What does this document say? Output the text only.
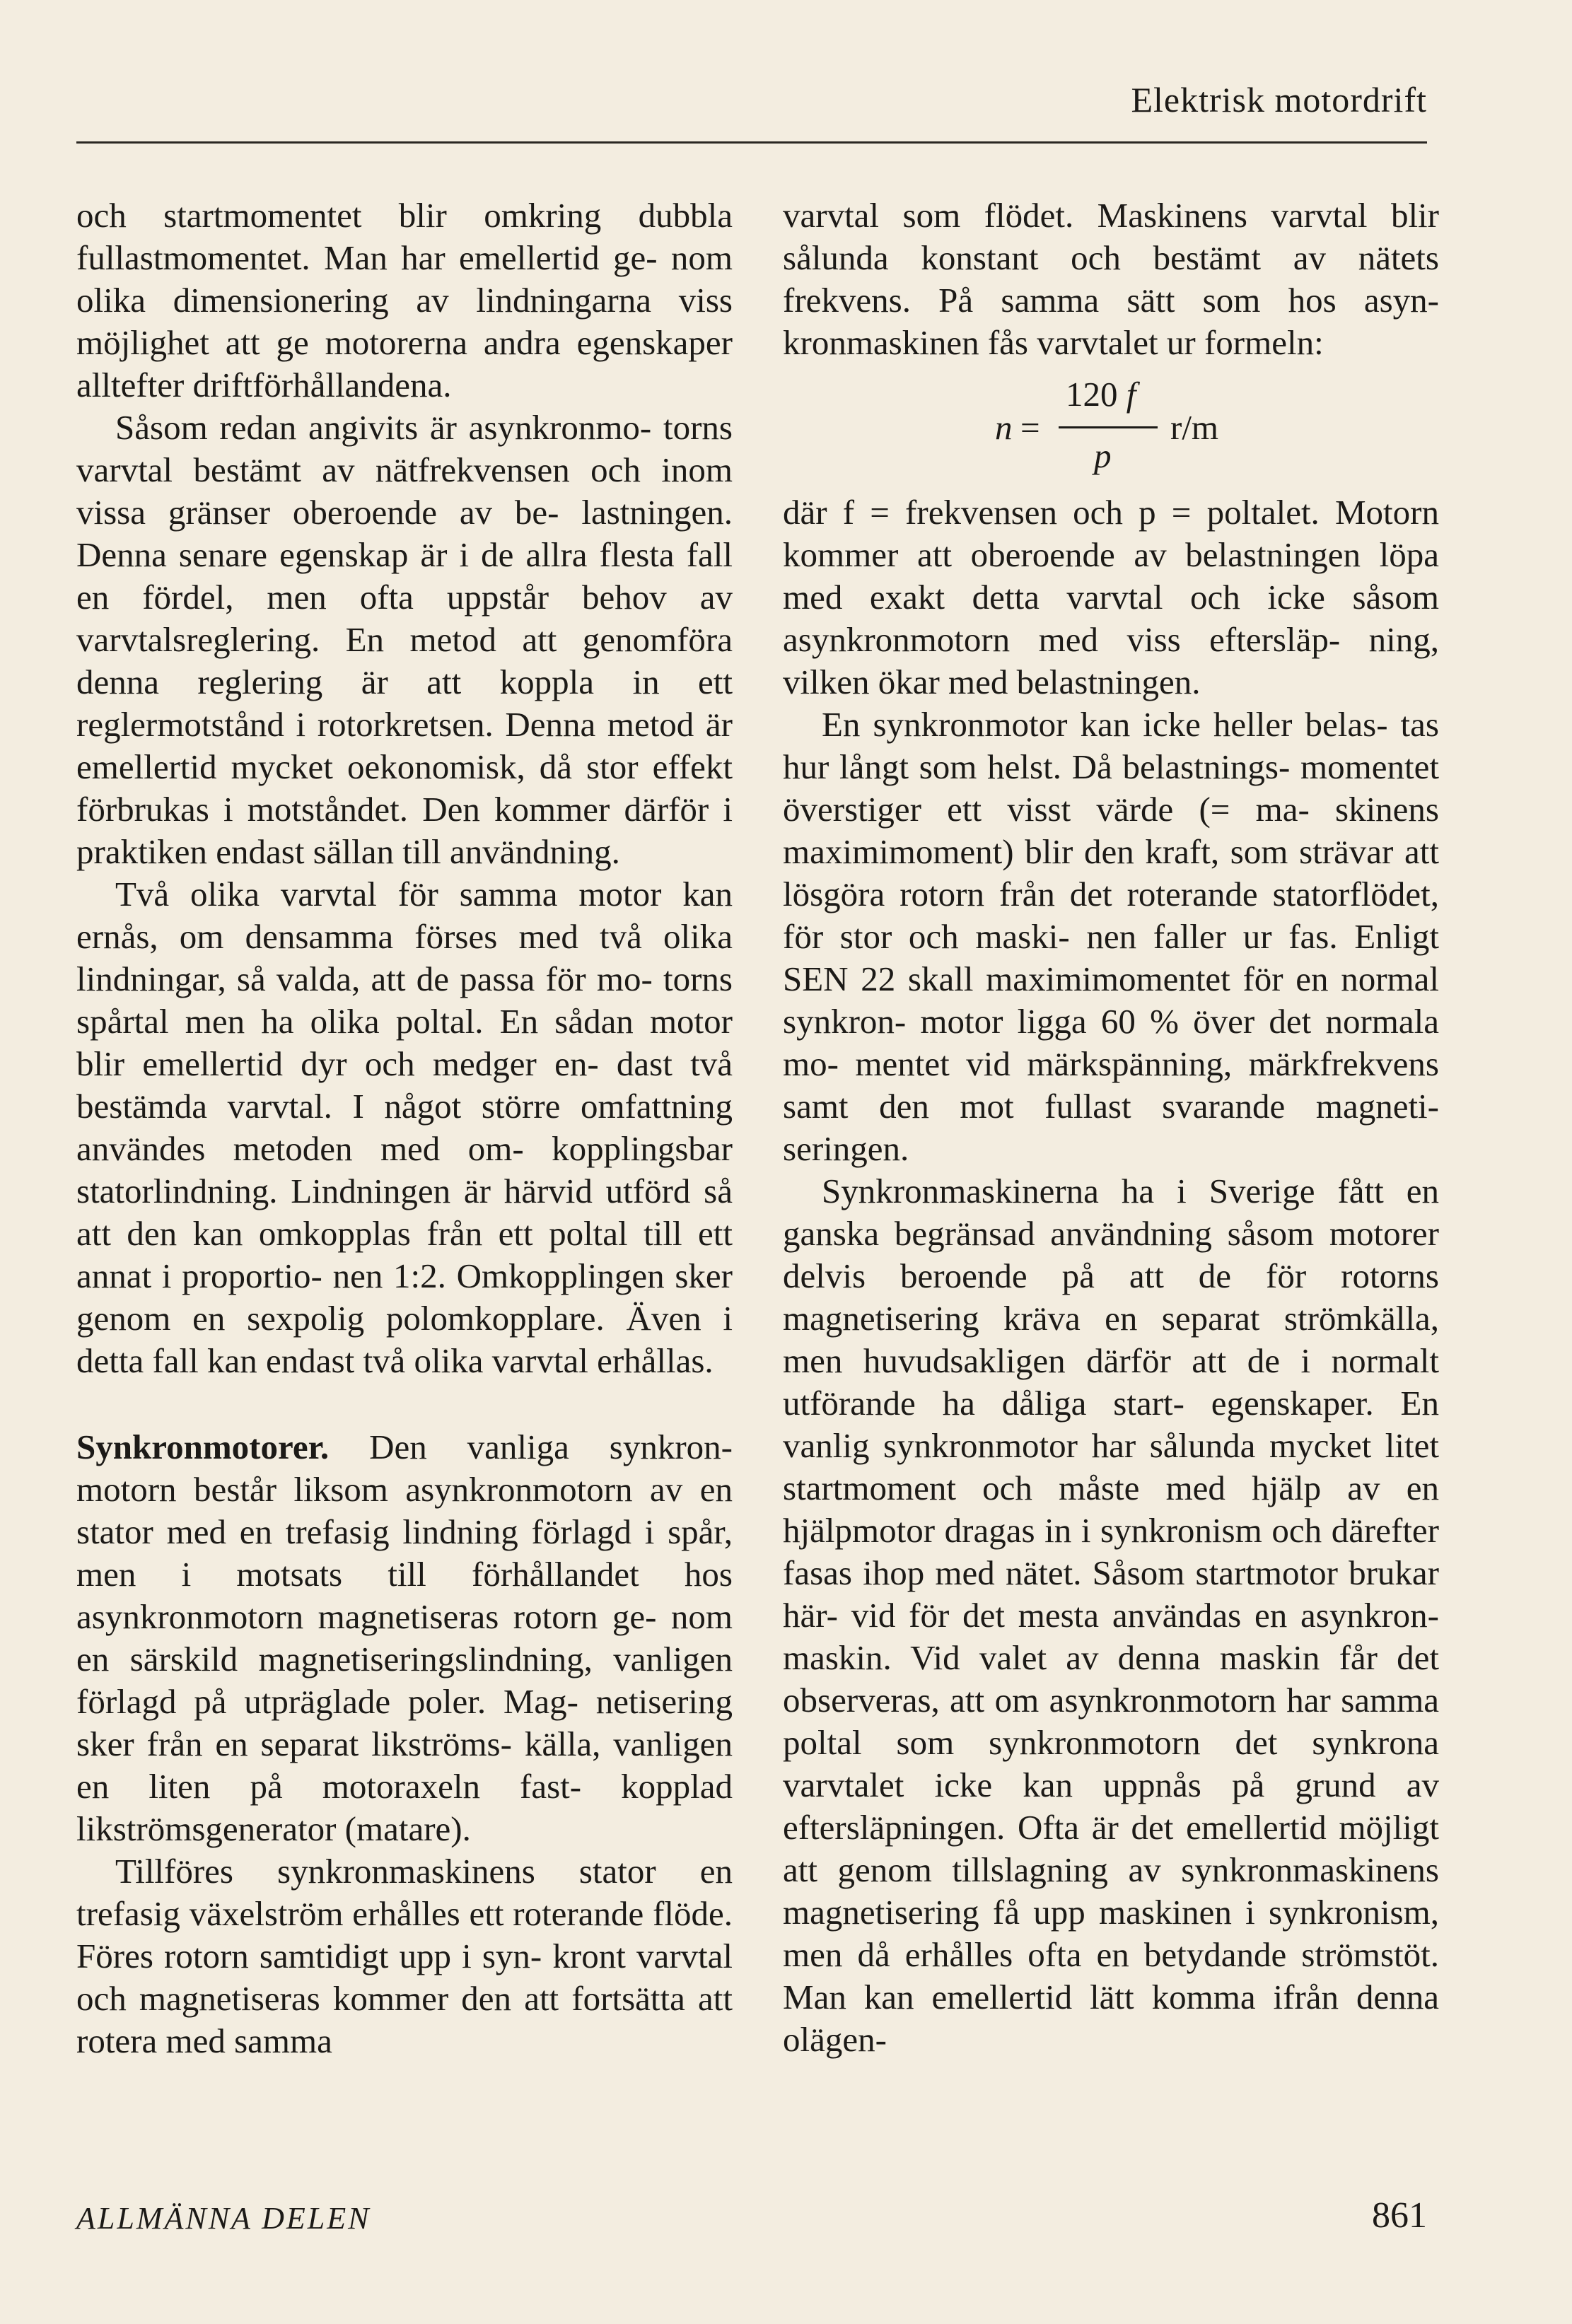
Elektrisk motordrift

och startmomentet blir omkring dubbla fullastmomentet. Man har emellertid ge- nom olika dimensionering av lindningarna viss möjlighet att ge motorerna andra egenskaper alltefter driftförhållandena.

Såsom redan angivits är asynkronmo- torns varvtal bestämt av nätfrekvensen och inom vissa gränser oberoende av be- lastningen. Denna senare egenskap är i de allra flesta fall en fördel, men ofta uppstår behov av varvtalsreglering. En metod att genomföra denna reglering är att koppla in ett reglermotstånd i rotorkretsen. Denna metod är emellertid mycket oekonomisk, då stor effekt förbrukas i motståndet. Den kommer därför i praktiken endast sällan till användning.

Två olika varvtal för samma motor kan ernås, om densamma förses med två olika lindningar, så valda, att de passa för mo- torns spårtal men ha olika poltal. En sådan motor blir emellertid dyr och medger en- dast två bestämda varvtal. I något större omfattning användes metoden med om- kopplingsbar statorlindning. Lindningen är härvid utförd så att den kan omkopplas från ett poltal till ett annat i proportio- nen 1:2. Omkopplingen sker genom en sexpolig polomkopplare. Även i detta fall kan endast två olika varvtal erhållas.

Synkronmotorer. Den vanliga synkron- motorn består liksom asynkronmotorn av en stator med en trefasig lindning förlagd i spår, men i motsats till förhållandet hos asynkronmotorn magnetiseras rotorn ge- nom en särskild magnetiseringslindning, vanligen förlagd på utpräglade poler. Mag- netisering sker från en separat likströms- källa, vanligen en liten på motoraxeln fast- kopplad likströmsgenerator (matare).

Tillföres synkronmaskinens stator en trefasig växelström erhålles ett roterande flöde. Föres rotorn samtidigt upp i syn- kront varvtal och magnetiseras kommer den att fortsätta att rotera med samma

varvtal som flödet. Maskinens varvtal blir sålunda konstant och bestämt av nätets frekvens. På samma sätt som hos asyn- kronmaskinen fås varvtalet ur formeln:

n =
120 f
p
r/m

där f = frekvensen och p = poltalet. Motorn kommer att oberoende av belastningen löpa med exakt detta varvtal och icke såsom asynkronmotorn med viss eftersläp- ning, vilken ökar med belastningen.

En synkronmotor kan icke heller belas- tas hur långt som helst. Då belastnings- momentet överstiger ett visst värde (= ma- skinens maximimoment) blir den kraft, som strävar att lösgöra rotorn från det roterande statorflödet, för stor och maski- nen faller ur fas. Enligt SEN 22 skall maximimomentet för en normal synkron- motor ligga 60 % över det normala mo- mentet vid märkspänning, märkfrekvens samt den mot fullast svarande magneti- seringen.

Synkronmaskinerna ha i Sverige fått en ganska begränsad användning såsom motorer delvis beroende på att de för rotorns magnetisering kräva en separat strömkälla, men huvudsakligen därför att de i normalt utförande ha dåliga start- egenskaper. En vanlig synkronmotor har sålunda mycket litet startmoment och måste med hjälp av en hjälpmotor dragas in i synkronism och därefter fasas ihop med nätet. Såsom startmotor brukar här- vid för det mesta användas en asynkron- maskin. Vid valet av denna maskin får det observeras, att om asynkronmotorn har samma poltal som synkronmotorn det synkrona varvtalet icke kan uppnås på grund av eftersläpningen. Ofta är det emellertid möjligt att genom tillslagning av synkronmaskinens magnetisering få upp maskinen i synkronism, men då erhålles ofta en betydande strömstöt. Man kan emellertid lätt komma ifrån denna olägen-

ALLMÄNNA DELEN	861
